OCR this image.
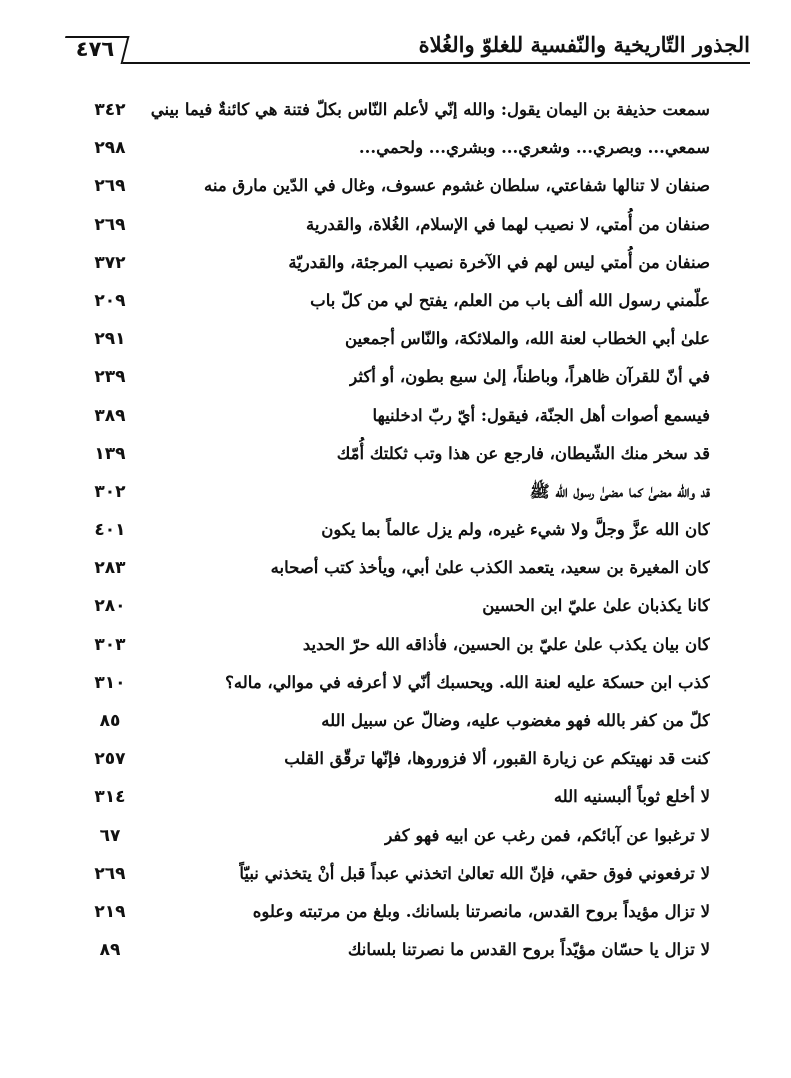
الجذور التّاريخية والنّفسية للغلوّ والغُلاة
٤٧٦
سمعت حذيفة بن اليمان يقول: والله إنّي لأعلم النّاس بكلّ فتنة هي كائنةٌ فيما بيني
٣٤٢
سمعي... وبصري... وشعري... وبشري... ولحمي...
٢٩٨
صنفان لا تنالها شفاعتي، سلطان غشوم عسوف، وغال في الدّين مارق منه
٢٦٩
صنفان من أُمتي، لا نصيب لهما في الإسلام، الغُلاة، والقدرية
٢٦٩
صنفان من أُمتي ليس لهم في الآخرة نصيب المرجئة، والقدريّة
٣٧٢
علّمني رسول الله ألف باب من العلم، يفتح لي من كلّ باب
٢٠٩
علىٰ أبي الخطاب لعنة الله، والملائكة، والنّاس أجمعين
٢٩١
في أنّ للقرآن ظاهراً، وباطناً، إلىٰ سبع بطون، أو أكثر
٢٣٩
فيسمع أصوات أهل الجنّة، فيقول: أيّ ربّ ادخلنيها
٣٨٩
قد سخر منك الشّيطان، فارجع عن هذا وتب ثكلتك أُمّك
١٣٩
قد والله مضىٰ كما مضىٰ رسول الله ﷺ
٣٠٢
كان الله عزَّ وجلَّ ولا شيء غيره، ولم يزل عالماً بما يكون
٤٠١
كان المغيرة بن سعيد، يتعمد الكذب علىٰ أبي، ويأخذ كتب أصحابه
٢٨٣
كانا يكذبان علىٰ عليّ ابن الحسين
٢٨٠
كان بيان يكذب علىٰ عليّ بن الحسين، فأذاقه الله حرّ الحديد
٣٠٣
كذب ابن حسكة عليه لعنة الله. ويحسبك أنّي لا أعرفه في موالي، ماله؟
٣١٠
كلّ من كفر بالله فهو مغضوب عليه، وضالّ عن سبيل الله
٨٥
كنت قد نهيتكم عن زيارة القبور، ألا فزوروها، فإنّها ترقّق القلب
٢٥٧
لا أخلع ثوباً ألبسنيه الله
٣١٤
لا ترغبوا عن آبائكم، فمن رغب عن ابيه فهو كفر
٦٧
لا ترفعوني فوق حقي، فإنّ الله تعالىٰ اتخذني عبداً قبل أنْ يتخذني نبيّاً
٢٦٩
لا تزال مؤيداً بروح القدس، مانصرتنا بلسانك. وبلغ من مرتبته وعلوه
٢١٩
لا تزال يا حسّان مؤيّداً بروح القدس ما نصرتنا بلسانك
٨٩
